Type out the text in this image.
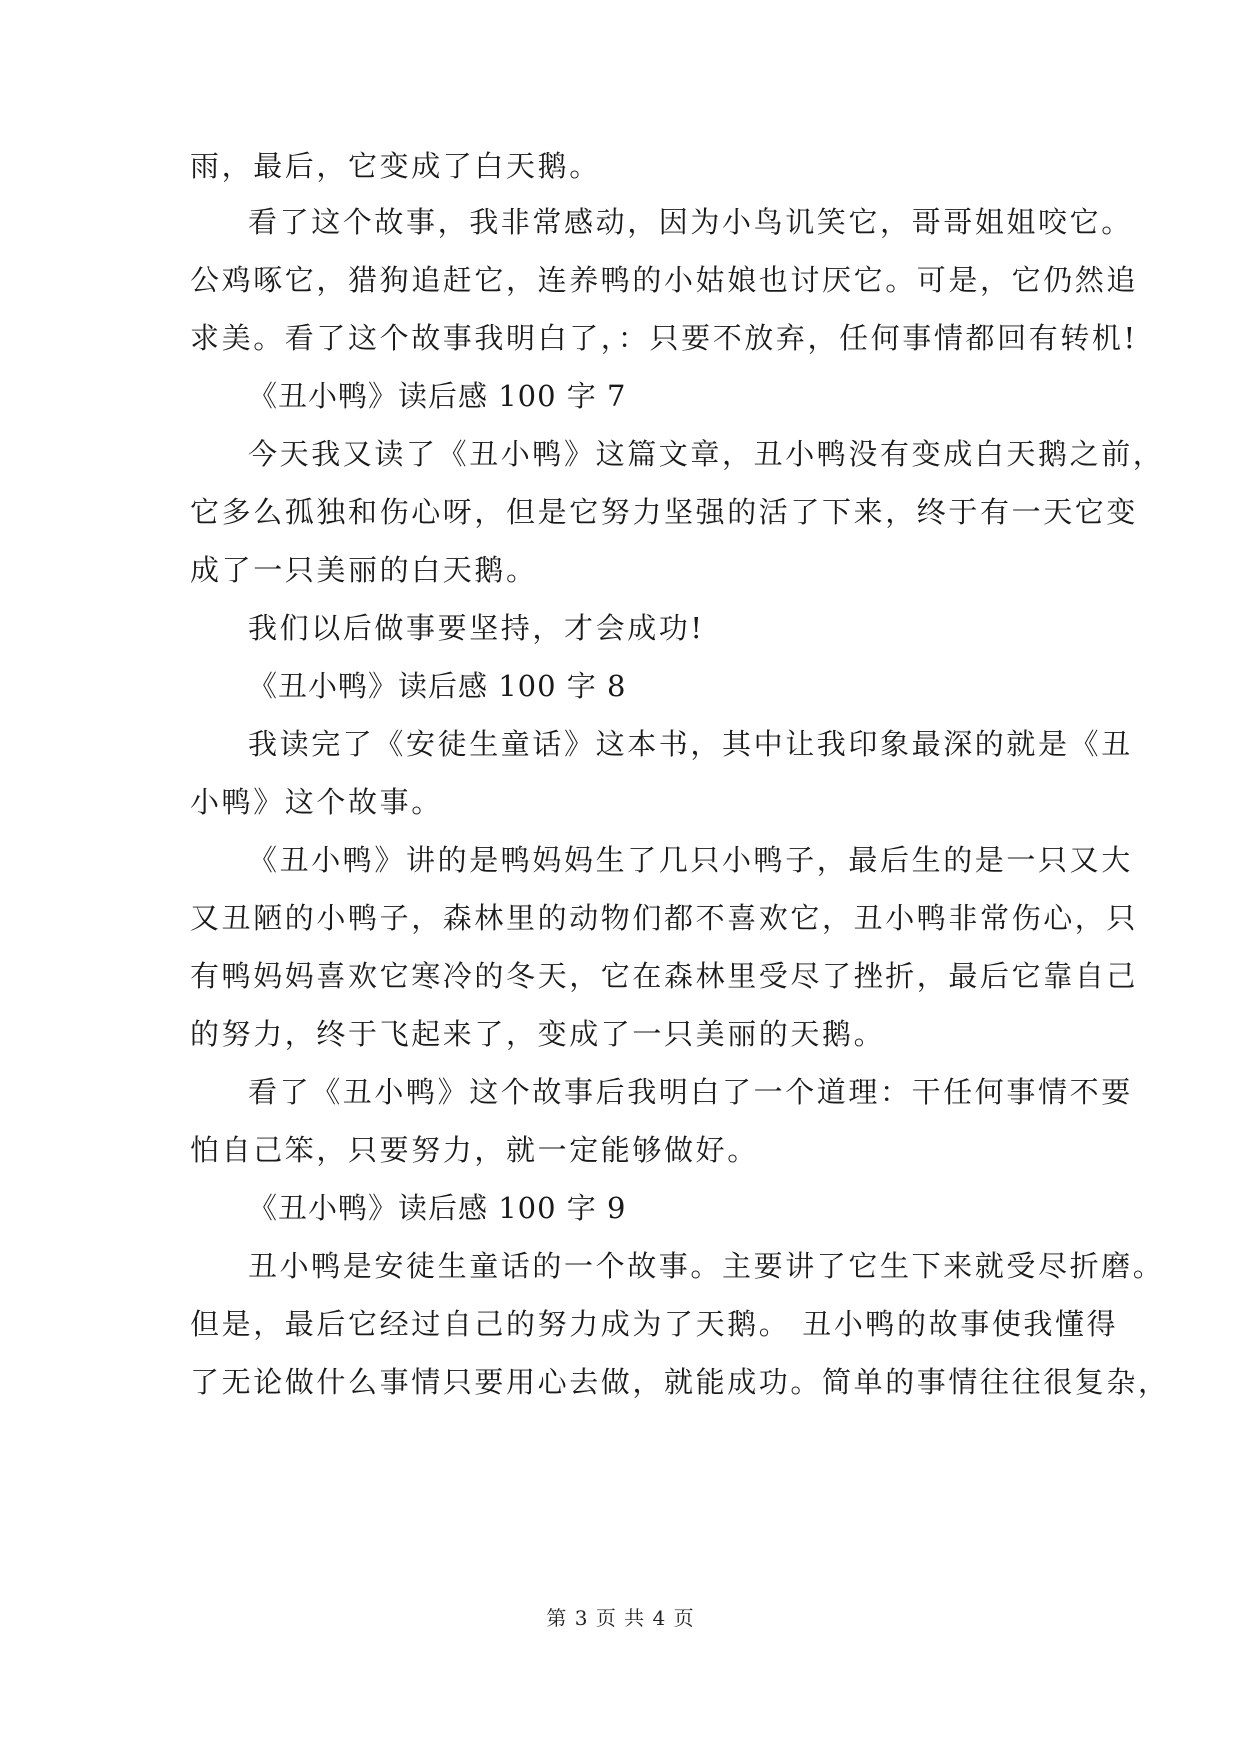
雨，最后，它变成了白天鹅。
看了这个故事，我非常感动，因为小鸟讥笑它，哥哥姐姐咬它。
公鸡啄它，猎狗追赶它，连养鸭的小姑娘也讨厌它。可是，它仍然追
求美。看了这个故事我明白了，：只要不放弃，任何事情都回有转机!
《丑小鸭》读后感 100 字 7
今天我又读了《丑小鸭》这篇文章，丑小鸭没有变成白天鹅之前，
它多么孤独和伤心呀，但是它努力坚强的活了下来，终于有一天它变
成了一只美丽的白天鹅。
我们以后做事要坚持，才会成功!
《丑小鸭》读后感 100 字 8
我读完了《安徒生童话》这本书，其中让我印象最深的就是《丑
小鸭》这个故事。
《丑小鸭》讲的是鸭妈妈生了几只小鸭子，最后生的是一只又大
又丑陋的小鸭子，森林里的动物们都不喜欢它，丑小鸭非常伤心，只
有鸭妈妈喜欢它寒冷的冬天，它在森林里受尽了挫折，最后它靠自己
的努力，终于飞起来了，变成了一只美丽的天鹅。
看了《丑小鸭》这个故事后我明白了一个道理：干任何事情不要
怕自己笨，只要努力，就一定能够做好。
《丑小鸭》读后感 100 字 9
丑小鸭是安徒生童话的一个故事。主要讲了它生下来就受尽折磨。
但是，最后它经过自己的努力成为了天鹅。 丑小鸭的故事使我懂得
了无论做什么事情只要用心去做，就能成功。简单的事情往往很复杂，
第 3 页 共 4 页
